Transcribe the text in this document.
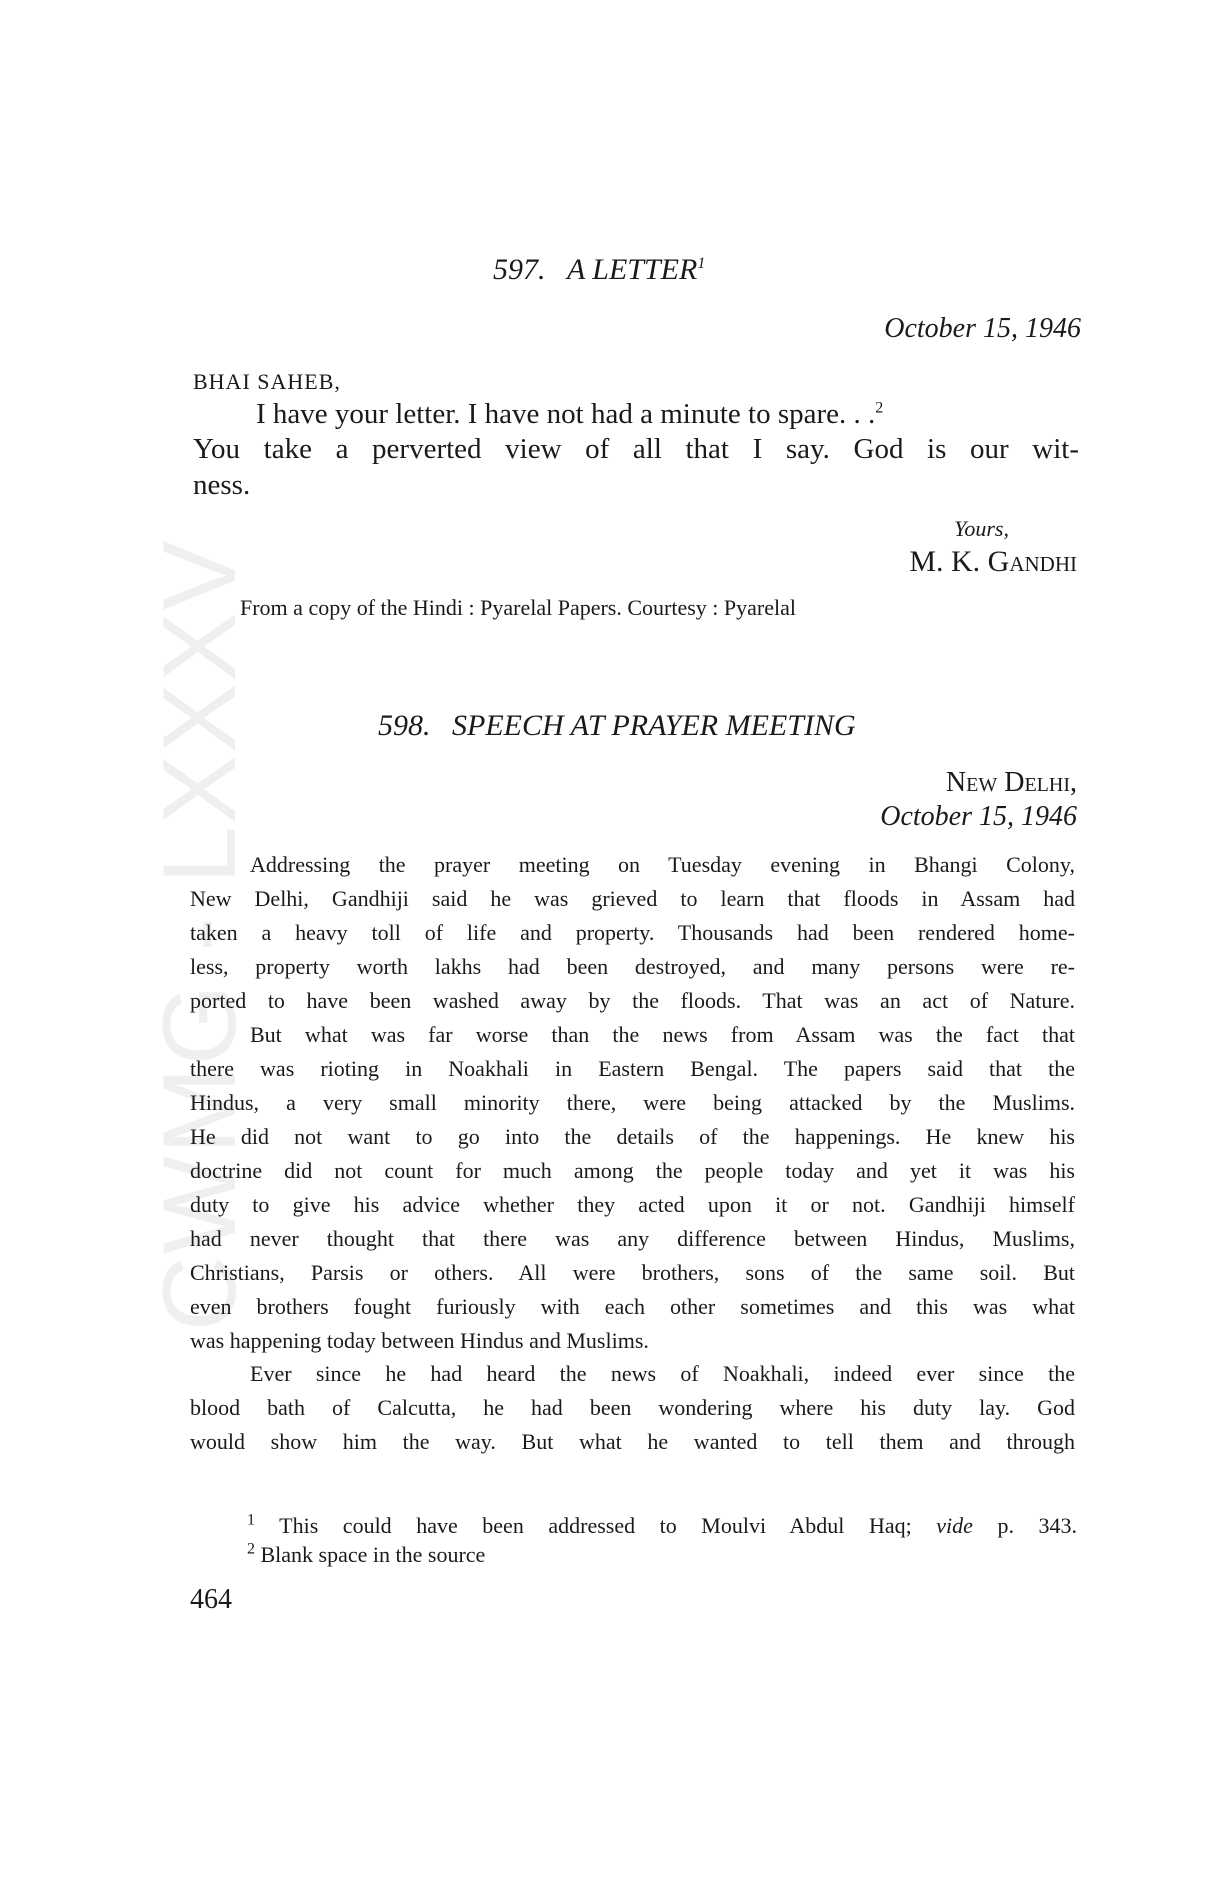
CWMG - LXXXV
597. A LETTER$^1$
October 15, 1946
BHAI SAHEB,
I have your letter. I have not had a minute to spare. . .$^2$
You take a perverted view of all that I say. God is our wit-
ness.
Yours,
M. K. Gandhi
From a copy of the Hindi : Pyarelal Papers. Courtesy : Pyarelal
598. SPEECH AT PRAYER MEETING
New Delhi,
October 15, 1946
Addressing the prayer meeting on Tuesday evening in Bhangi Colony,
New Delhi, Gandhiji said he was grieved to learn that floods in Assam had
taken a heavy toll of life and property. Thousands had been rendered home-
less, property worth lakhs had been destroyed, and many persons were re-
ported to have been washed away by the floods. That was an act of Nature.
But what was far worse than the news from Assam was the fact that
there was rioting in Noakhali in Eastern Bengal. The papers said that the
Hindus, a very small minority there, were being attacked by the Muslims.
He did not want to go into the details of the happenings. He knew his
doctrine did not count for much among the people today and yet it was his
duty to give his advice whether they acted upon it or not. Gandhiji himself
had never thought that there was any difference between Hindus, Muslims,
Christians, Parsis or others. All were brothers, sons of the same soil. But
even brothers fought furiously with each other sometimes and this was what
was happening today between Hindus and Muslims.
Ever since he had heard the news of Noakhali, indeed ever since the
blood bath of Calcutta, he had been wondering where his duty lay. God
would show him the way. But what he wanted to tell them and through
$^1$ This could have been addressed to Moulvi Abdul Haq; vide p. 343.
$^2$ Blank space in the source
464
